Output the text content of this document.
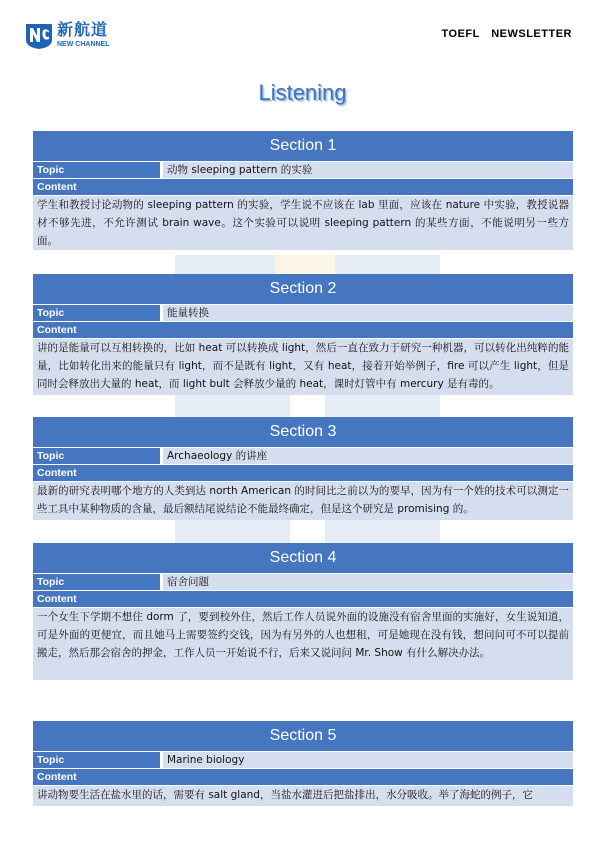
新航道
NEW CHANNEL
TOEFL NEWSLETTER
Listening
Section 1
Topic	动物 sleeping pattern 的实验
Content
学生和教授讨论动物的 sleeping pattern 的实验，学生说不应该在 lab 里面，应该在 nature 中实验，教授说器材不够先进，不允许测试 brain wave。这个实验可以说明 sleeping pattern 的某些方面，不能说明另一些方面。
Section 2
Topic	能量转换
Content
讲的是能量可以互相转换的，比如 heat 可以转换成 light，然后一直在致力于研究一种机器，可以转化出纯粹的能量，比如转化出来的能量只有 light，而不是既有 light，又有 heat，接着开始举例子，fire 可以产生 light，但是同时会释放出大量的 heat，而 light bult 会释放少量的 heat，课时灯管中有 mercury 是有毒的。
Section 3
Topic	Archaeology 的讲座
Content
最新的研究表明哪个地方的人类到达 north American 的时间比之前以为的要早，因为有一个姓的技术可以测定一些工具中某种物质的含量，最后额结尾说结论不能最终确定，但是这个研究是 promising 的。
Section 4
Topic	宿舍问题
Content
一个女生下学期不想住 dorm 了，要到校外住，然后工作人员说外面的设施没有宿舍里面的实施好，女生说知道，可是外面的更便宜，而且她马上需要签约交钱，因为有另外的人也想租，可是她现在没有钱，想问问可不可以提前搬走，然后那会宿舍的押金，工作人员一开始说不行，后来又说问问 Mr. Show 有什么解决办法。
Section 5
Topic	Marine biology
Content
讲动物要生活在盐水里的话，需要有 salt gland，当盐水灌进后把盐排出，水分吸收。举了海蛇的例子，它
